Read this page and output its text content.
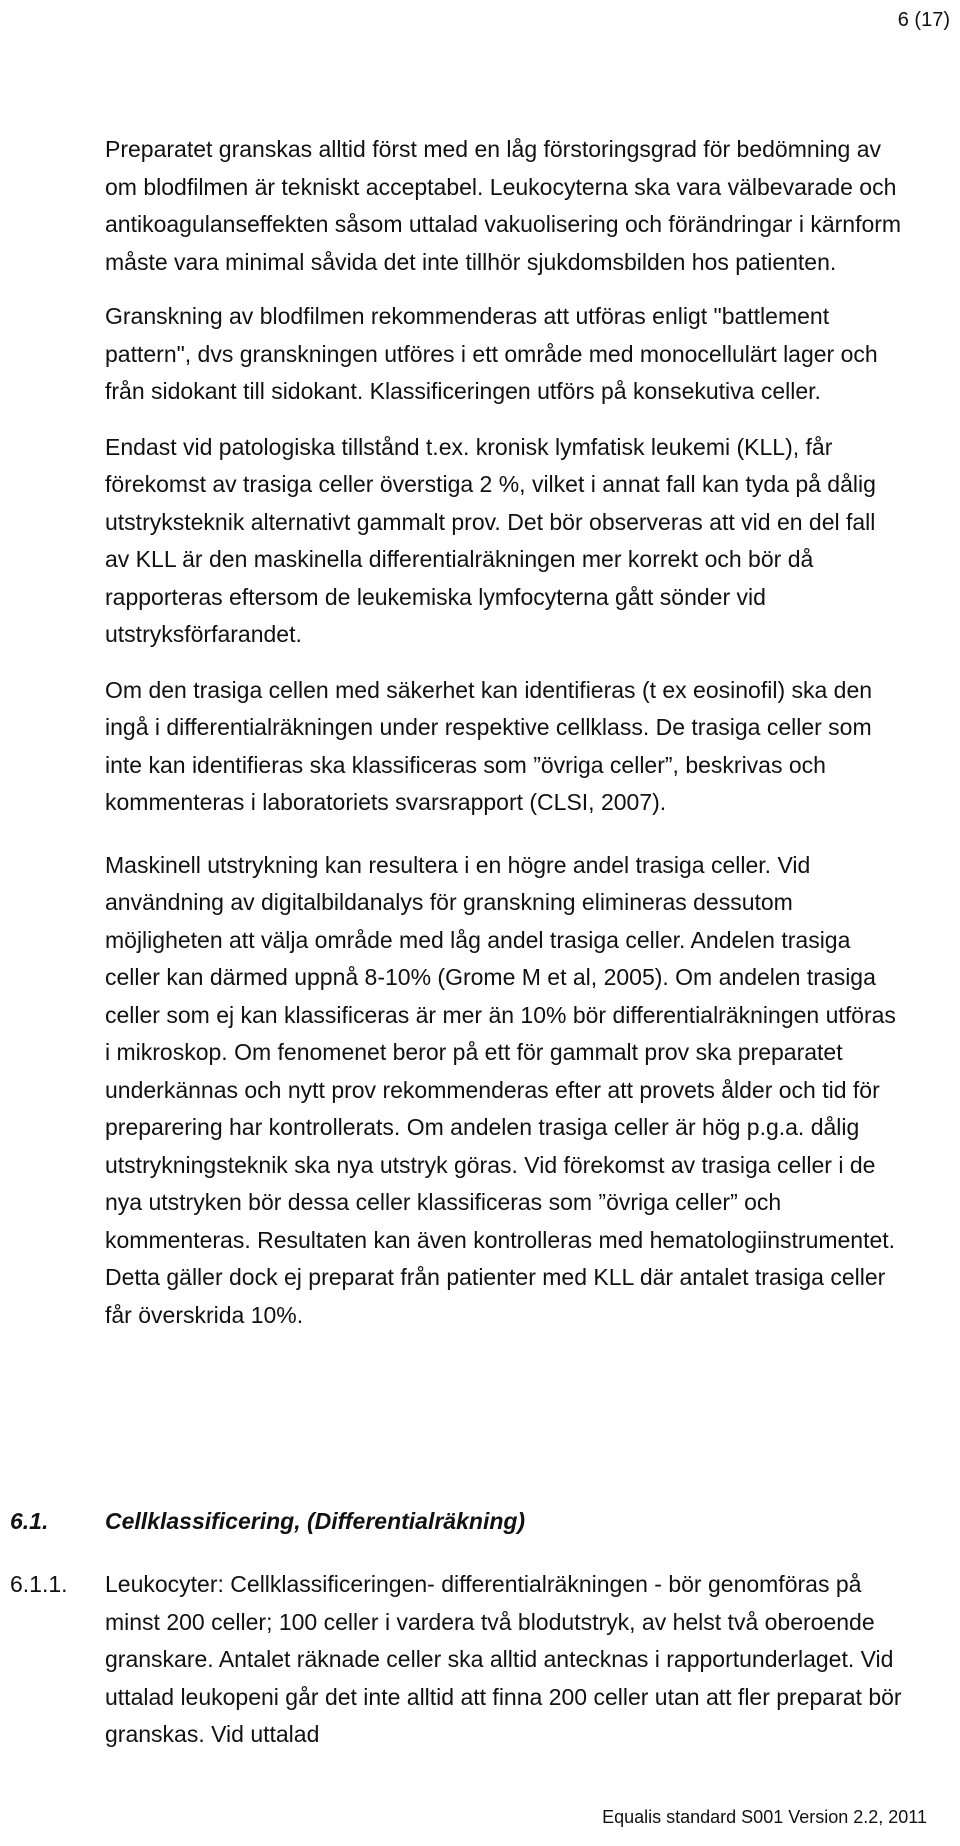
6 (17)

Preparatet granskas alltid först med en låg förstoringsgrad för bedömning av om blodfilmen är tekniskt acceptabel. Leukocyterna ska vara välbevarade och antikoagulanseffekten såsom uttalad vakuolisering och förändringar i kärnform måste vara minimal såvida det inte tillhör sjukdomsbilden hos patienten.

Granskning av blodfilmen rekommenderas att utföras enligt "battlement pattern", dvs granskningen utföres i ett område med monocellulärt lager och från sidokant till sidokant. Klassificeringen utförs på konsekutiva celler.

Endast vid patologiska tillstånd t.ex. kronisk lymfatisk leukemi (KLL), får förekomst av trasiga celler överstiga 2 %, vilket i annat fall kan tyda på dålig utstryksteknik alternativt gammalt prov. Det bör observeras att vid en del fall av KLL är den maskinella differentialräkningen mer korrekt och bör då rapporteras eftersom de leukemiska lymfocyterna gått sönder vid utstryksförfarandet.

Om den trasiga cellen med säkerhet kan identifieras (t ex eosinofil) ska den ingå i differentialräkningen under respektive cellklass. De trasiga celler som inte kan identifieras ska klassificeras som ”övriga celler”, beskrivas och kommenteras i laboratoriets svarsrapport (CLSI, 2007).

Maskinell utstrykning kan resultera i en högre andel trasiga celler. Vid användning av digitalbildanalys för granskning elimineras dessutom möjligheten att välja område med låg andel trasiga celler. Andelen trasiga celler kan därmed uppnå 8-10% (Grome M et al, 2005). Om andelen trasiga celler som ej kan klassificeras är mer än 10% bör differentialräkningen utföras i mikroskop. Om fenomenet beror på ett för gammalt prov ska preparatet underkännas och nytt prov rekommenderas efter att provets ålder och tid för preparering har kontrollerats. Om andelen trasiga celler är hög p.g.a. dålig utstrykningsteknik ska nya utstryk göras. Vid förekomst av trasiga celler i de nya utstryken bör dessa celler klassificeras som ”övriga celler” och kommenteras. Resultaten kan även kontrolleras med hematologiinstrumentet. Detta gäller dock ej preparat från patienter med KLL där antalet trasiga celler får överskrida 10%.

6.1. Cellklassificering, (Differentialräkning)
6.1.1. Leukocyter: Cellklassificeringen- differentialräkningen - bör genomföras på minst 200 celler; 100 celler i vardera två blodutstryk, av helst två oberoende granskare. Antalet räknade celler ska alltid antecknas i rapportunderlaget. Vid uttalad leukopeni går det inte alltid att finna 200 celler utan att fler preparat bör granskas. Vid uttalad
Equalis standard S001 Version 2.2, 2011
